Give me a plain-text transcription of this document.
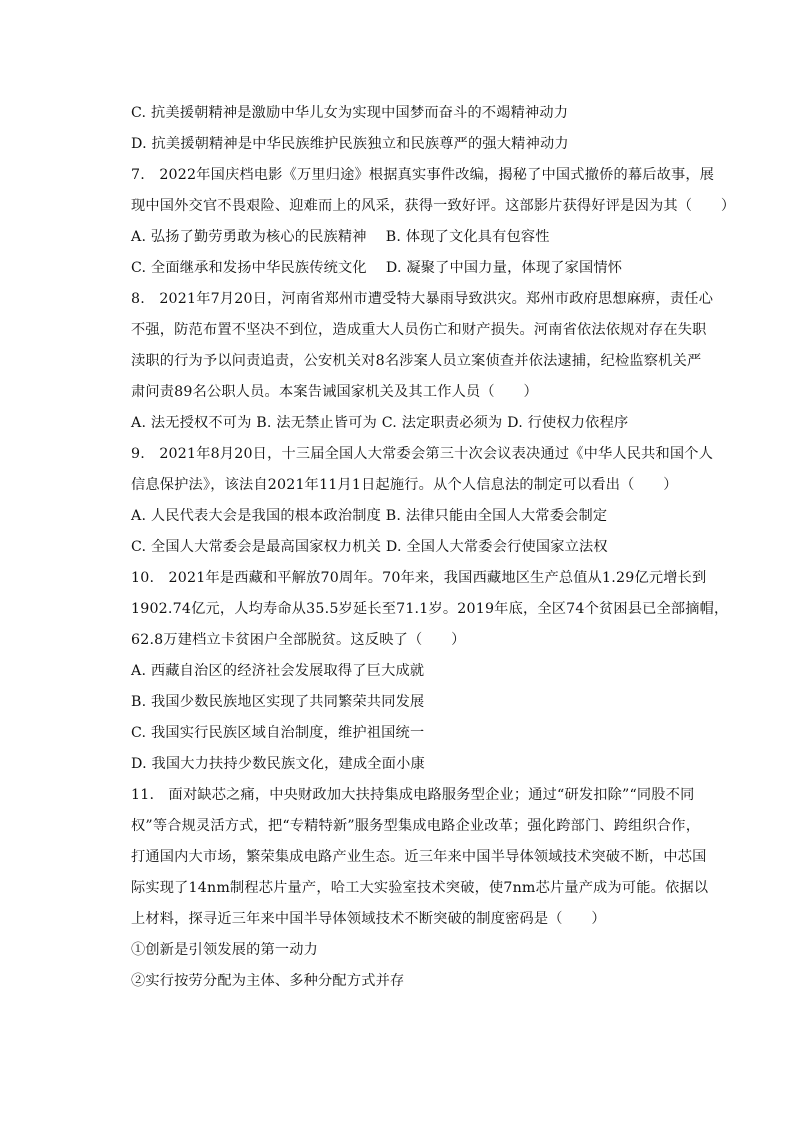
C. 抗美援朝精神是激励中华儿女为实现中国梦而奋斗的不竭精神动力
D. 抗美援朝精神是中华民族维护民族独立和民族尊严的强大精神动力
7.　2022年国庆档电影《万里归途》根据真实事件改编，揭秘了中国式撤侨的幕后故事，展
现中国外交官不畏艰险、迎难而上的风采，获得一致好评。这部影片获得好评是因为其（　　）
A. 弘扬了勤劳勇敢为核心的民族精神　 B. 体现了文化具有包容性
C. 全面继承和发扬中华民族传统文化　 D. 凝聚了中国力量，体现了家国情怀
8.　2021年7月20日，河南省郑州市遭受特大暴雨导致洪灾。郑州市政府思想麻痹，责任心
不强，防范布置不坚决不到位，造成重大人员伤亡和财产损失。河南省依法依规对存在失职
渎职的行为予以问责追责，公安机关对8名涉案人员立案侦查并依法逮捕，纪检监察机关严
肃问责89名公职人员。本案告诫国家机关及其工作人员（　　）
A. 法无授权不可为 B. 法无禁止皆可为 C. 法定职责必须为 D. 行使权力依程序
9.　2021年8月20日，十三届全国人大常委会第三十次会议表决通过《中华人民共和国个人
信息保护法》，该法自2021年11月1日起施行。从个人信息法的制定可以看出（　　）
A. 人民代表大会是我国的根本政治制度 B. 法律只能由全国人大常委会制定
C. 全国人大常委会是最高国家权力机关 D. 全国人大常委会行使国家立法权
10.　2021年是西藏和平解放70周年。70年来，我国西藏地区生产总值从1.29亿元增长到
1902.74亿元，人均寿命从35.5岁延长至71.1岁。2019年底，全区74个贫困县已全部摘帽，
62.8万建档立卡贫困户全部脱贫。这反映了（　　）
A. 西藏自治区的经济社会发展取得了巨大成就
B. 我国少数民族地区实现了共同繁荣共同发展
C. 我国实行民族区域自治制度，维护祖国统一
D. 我国大力扶持少数民族文化，建成全面小康
11.　面对缺芯之痛，中央财政加大扶持集成电路服务型企业；通过“研发扣除”“同股不同
权”等合规灵活方式，把“专精特新”服务型集成电路企业改革；强化跨部门、跨组织合作，
打通国内大市场，繁荣集成电路产业生态。近三年来中国半导体领域技术突破不断，中芯国
际实现了14nm制程芯片量产，哈工大实验室技术突破，使7nm芯片量产成为可能。依据以
上材料，探寻近三年来中国半导体领域技术不断突破的制度密码是（　　）
①创新是引领发展的第一动力
②实行按劳分配为主体、多种分配方式并存
